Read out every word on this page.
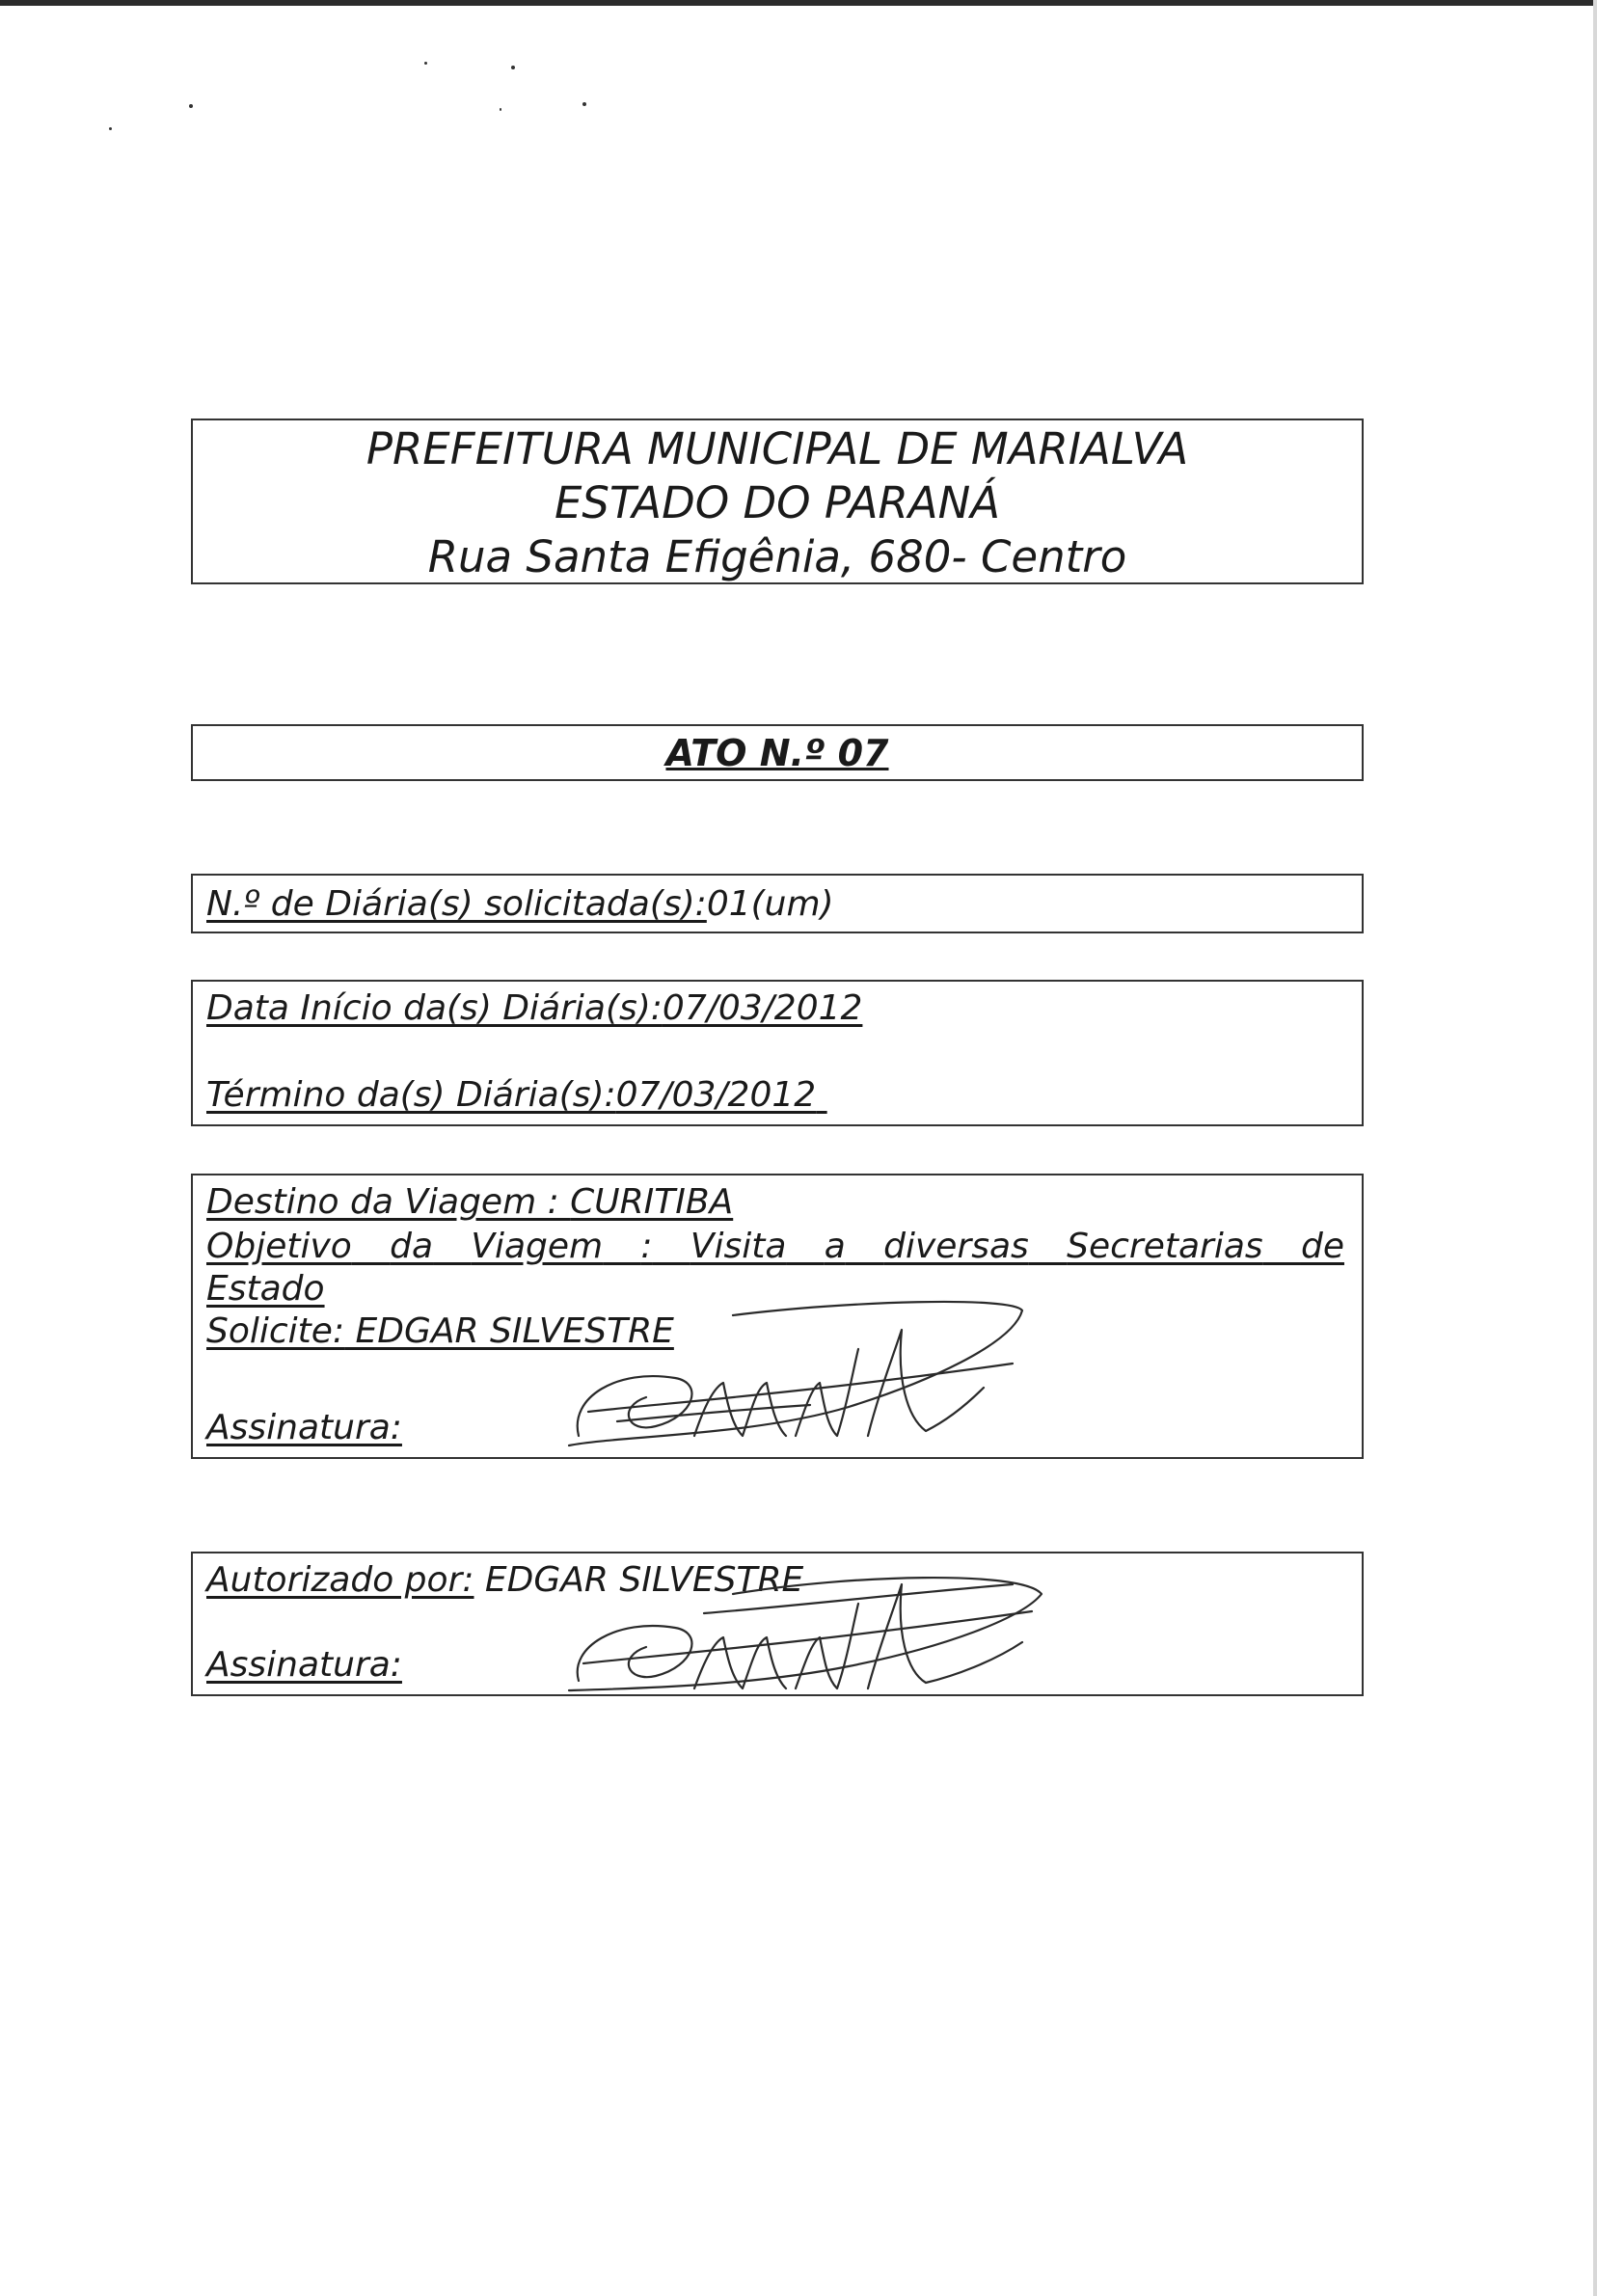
PREFEITURA MUNICIPAL DE MARIALVA
ESTADO DO PARANÁ
Rua Santa Efigênia, 680- Centro
ATO N.º 07
N.º de Diária(s) solicitada(s):01(um)
Data Início da(s) Diária(s):07/03/2012
Término da(s) Diária(s):07/03/2012
Destino da Viagem : CURITIBA
Objetivo da Viagem : Visita a diversas Secretarias de
Estado
Solicite: EDGAR SILVESTRE
Assinatura:
Autorizado por: EDGAR SILVESTRE
Assinatura:
